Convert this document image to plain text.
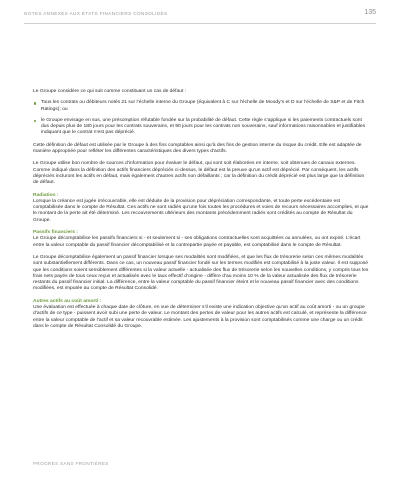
NOTES ANNEXES AUX ÉTATS FINANCIERS CONSOLIDÉS	135

Le Groupe considère ce qui suit comme constituant un cas de défaut :

Tous les contrats ou débiteurs notés 21 sur l’échelle interne du Groupe (équivalent à C sur l’échelle de Moody’s et D sur l’échelle de S&P et de Fitch Ratings); ou
le Groupe envisage en sus, une présomption réfutable fondée sur la probabilité de défaut. Cette règle s’applique si les paiements contractuels sont dus depuis plus de 180 jours pour les contrats souverains, et 90 jours pour les contrats non souverains, sauf informations raisonnables et justifiables indiquant que le contrat n’est pas déprécié.

Cette définition de défaut est utilisée par le Groupe à des fins comptables ainsi qu’à des fins de gestion interne du risque du crédit. Elle est adaptée de manière appropriée pour refléter les différentes caractéristiques des divers types d’actifs.

Le Groupe utilise bon nombre de sources d’information pour évaluer le défaut, qui sont soit élaborées en interne, soit obtenues de canaux externes. Comme indiqué dans la définition des actifs financiers dépréciés ci-dessus, le défaut est la preuve qu’un actif est déprécié. Par conséquent, les actifs dépréciés incluront les actifs en défaut, mais également d’autres actifs non défaillants ; car la définition du crédit déprécié est plus large que la définition de défaut.

Radiation :

Lorsque la créance est jugée irrécouvrable, elle est déduite de la provision pour dépréciation correspondante, et toute perte excédentaire est comptabilisée dans le compte de Résultat. Ces actifs ne sont radiés qu’une fois toutes les procédures et voies de recours nécessaires accomplies, et que le montant de la perte ait été déterminé. Les recouvrements ultérieurs des montants précédemment radiés sont crédités au compte de Résultat du Groupe.

Passifs financiers :

Le Groupe décomptabilise les passifs financiers si - et seulement si - ses obligations contractuelles sont acquittées ou annulées, ou ont expiré. L’écart entre la valeur comptable du passif financier décomptabilisé et la contrepartie payée et payable, est comptabilisé dans le compte de Résultat.

Le Groupe décomptabilise également un passif financier lorsque ses modalités sont modifiées, et que les flux de trésorerie selon ces mêmes modalités sont substantiellement différents. Dans ce cas, un nouveau passif financier fondé sur les termes modifiés est comptabilisé à la juste valeur. Il est supposé que les conditions soient sensiblement différentes si la valeur actuelle - actualisée des flux de trésorerie selon les nouvelles conditions, y compris tous les frais nets payés de tous ceux reçus et actualisés avec le taux effectif d’origine - diffère d’au moins 10 % de la valeur actualisée des flux de trésorerie restants du passif financier initial. La différence, entre la valeur comptable du passif financier éteint et le nouveau passif financier avec des conditions modifiées, est imputée au compte de Résultat Consolidé.

Autres actifs au coût amorti :

Une évaluation est effectuée à chaque date de clôture, en vue de déterminer s’il existe une indication objective qu’un actif au coût amorti - ou un groupe d’actifs de ce type - puissent avoir subi une perte de valeur. Le montant des pertes de valeur pour les autres actifs est calculé, et représente la différence entre la valeur comptable de l’actif et sa valeur recouvrable estimée. Les ajustements à la provision sont comptabilisés comme une charge ou un crédit dans le compte de Résultat Consolidé du Groupe.

PROGRÈS SANS FRONTIÈRES
